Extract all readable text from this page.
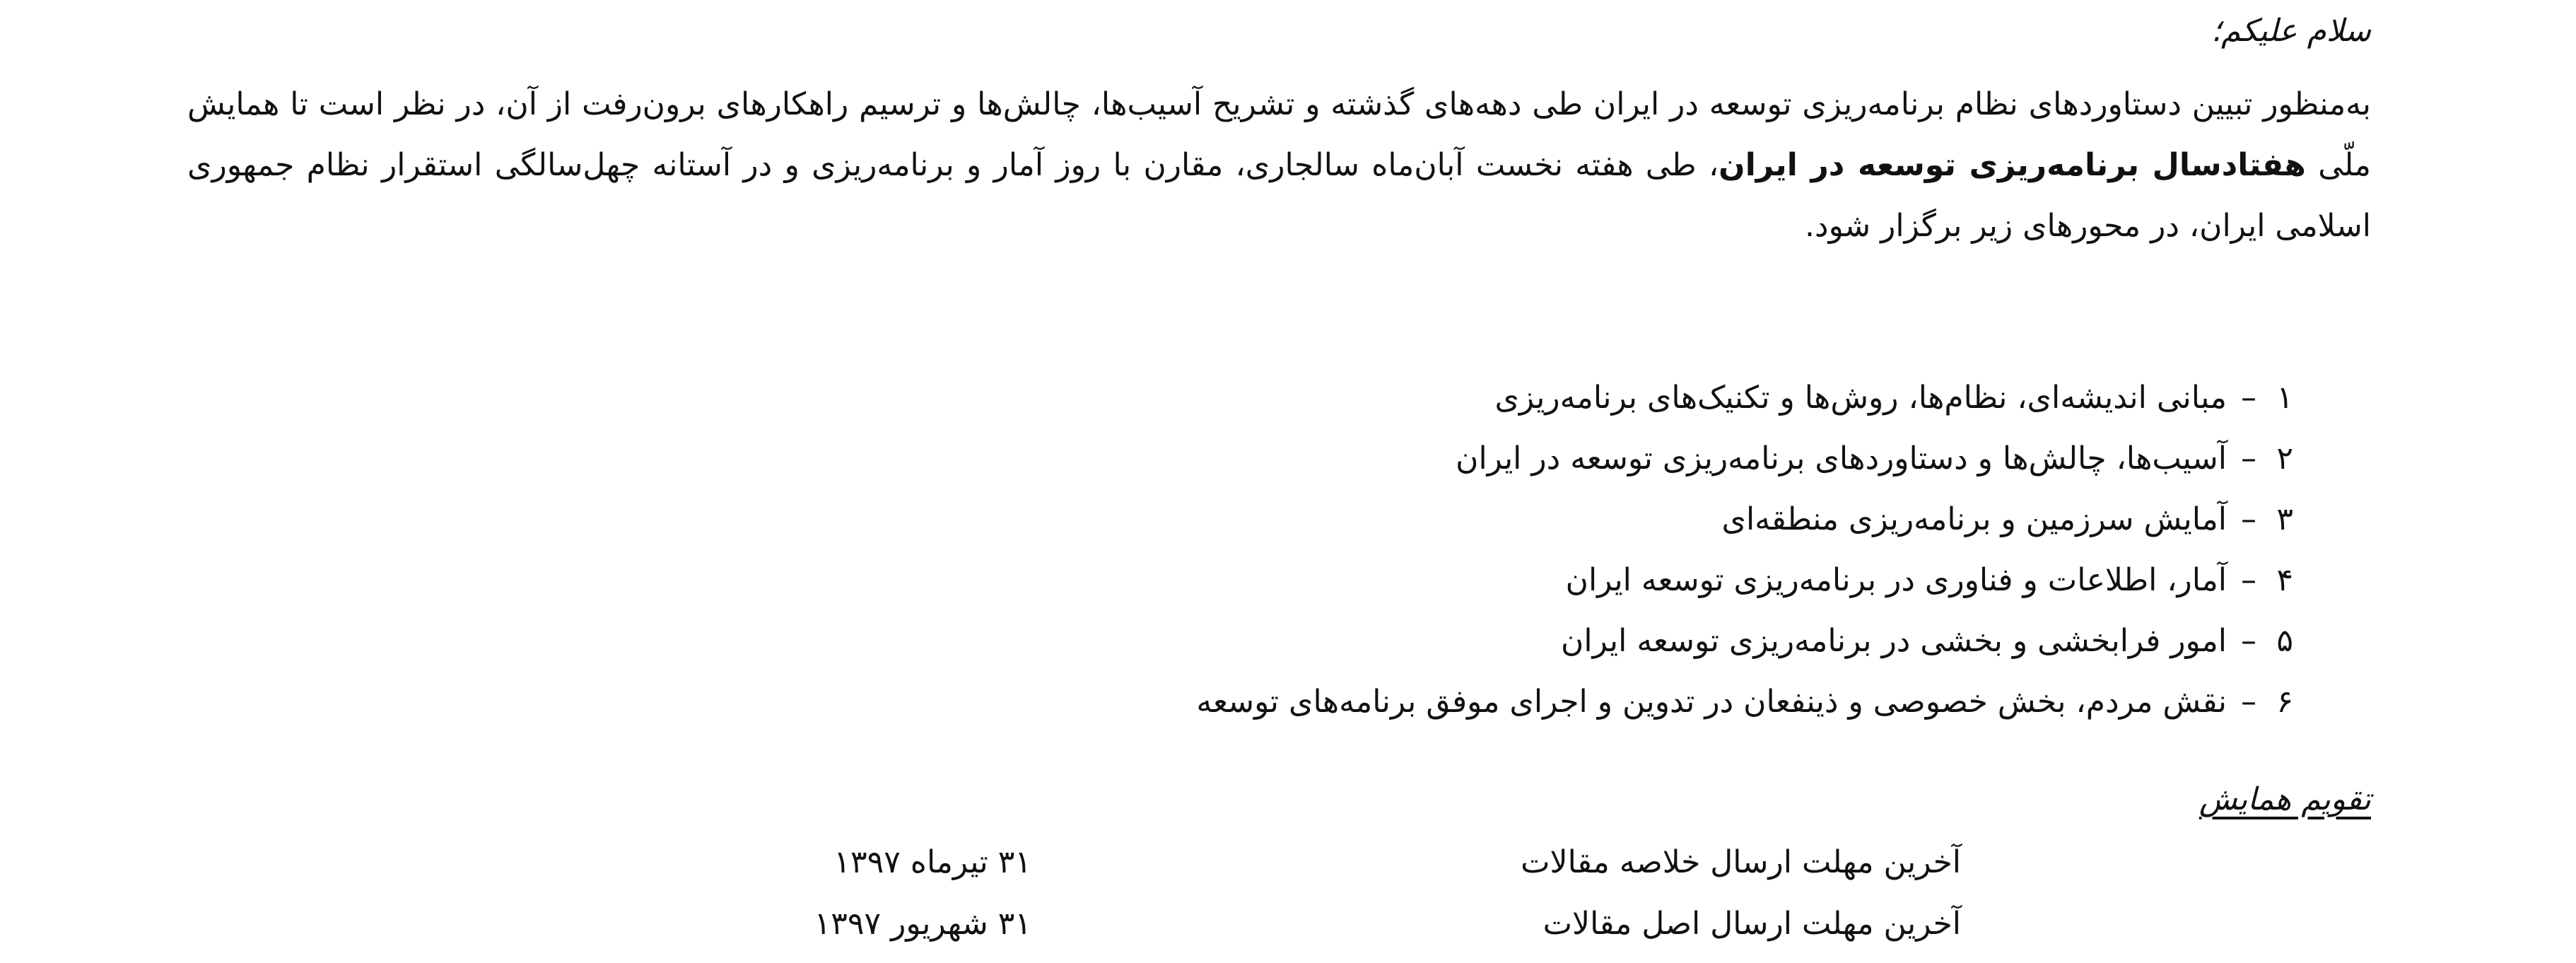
سلام علیکم؛

به‌منظور تبیین دستاوردهای نظام برنامه‌ریزی توسعه در ایران طی دهه‌های گذشته و تشریح آسیب‌ها، چالش‌ها و ترسیم راهکارهای برون‌رفت از آن، در نظر است تا همایش ملّی هفتادسال برنامه‌ریزی توسعه در ایران، طی هفته نخست آبان‌ماه سالجاری، مقارن با روز آمار و برنامه‌ریزی و در آستانه چهل‌سالگی استقرار نظام جمهوری اسلامی ایران، در محورهای زیر برگزار شود.

۱–مبانی اندیشه‌ای، نظام‌ها، روش‌ها و تکنیک‌های برنامه‌ریزی
۲–آسیب‌ها، چالش‌ها و دستاوردهای برنامه‌ریزی توسعه در ایران
۳–آمایش سرزمین و برنامه‌ریزی منطقه‌ای
۴–آمار، اطلاعات و فناوری در برنامه‌ریزی توسعه ایران
۵–امور فرابخشی و بخشی در برنامه‌ریزی توسعه ایران
۶–نقش مردم، بخش خصوصی و ذینفعان در تدوین و اجرای موفق برنامه‌های توسعه
تقویم همایش
آخرین مهلت ارسال خلاصه مقالات
۳۱ تیرماه ۱۳۹۷
آخرین مهلت ارسال اصل مقالات
۳۱ شهریور ۱۳۹۷
